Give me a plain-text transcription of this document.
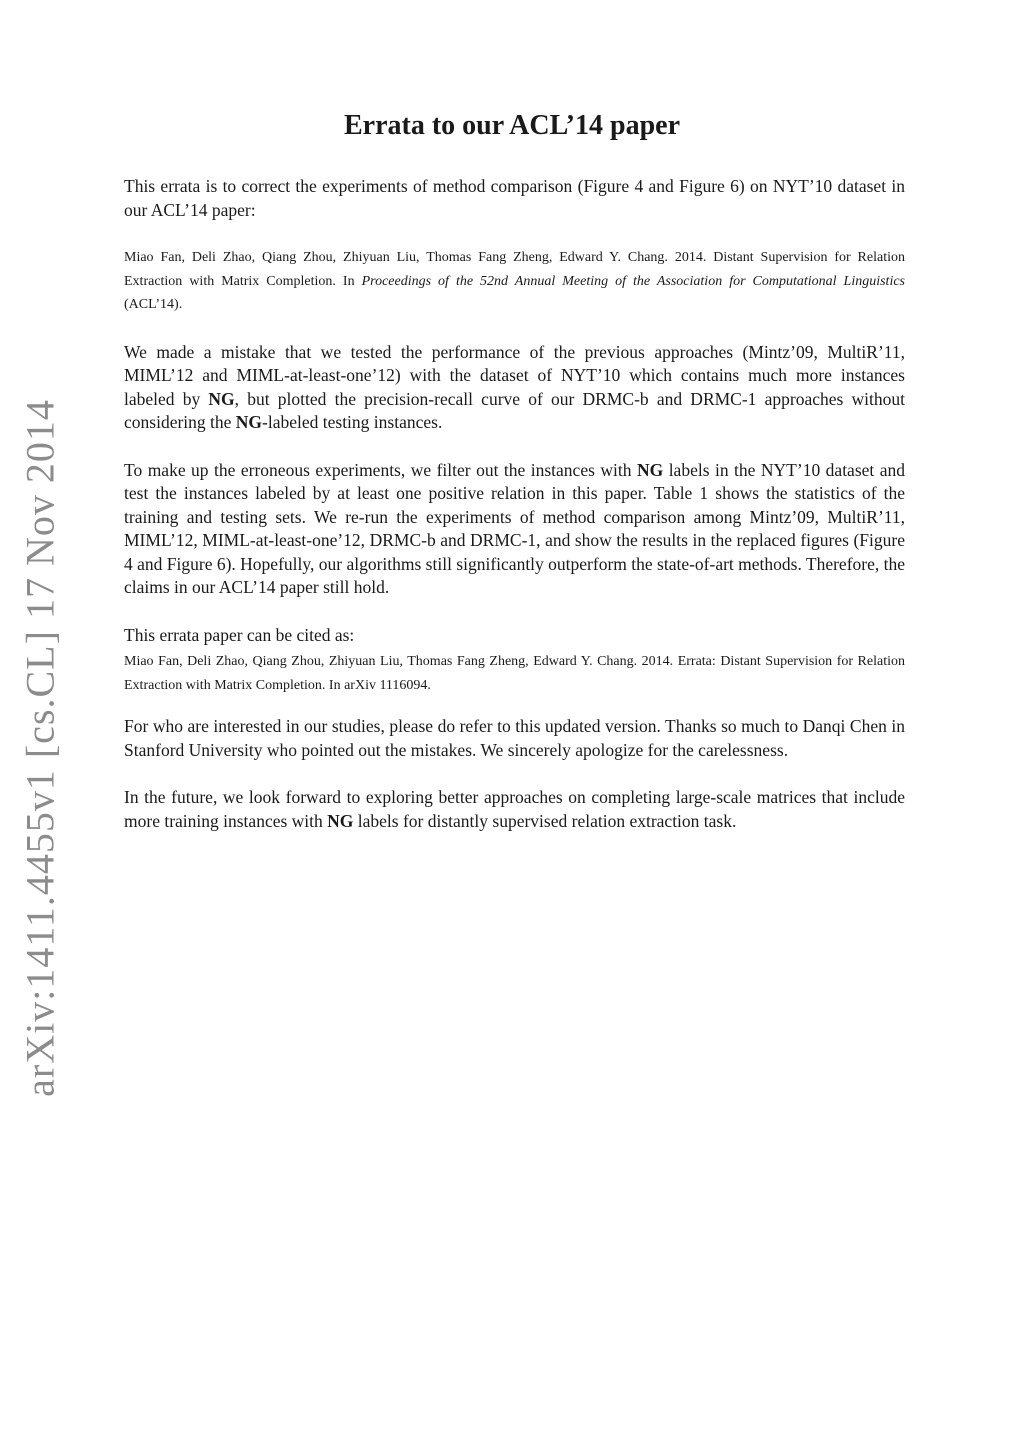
arXiv:1411.4455v1 [cs.CL] 17 Nov 2014
Errata to our ACL’14 paper

This errata is to correct the experiments of method comparison (Figure 4 and Figure 6) on NYT’10 dataset in our ACL’14 paper:

Miao Fan, Deli Zhao, Qiang Zhou, Zhiyuan Liu, Thomas Fang Zheng, Edward Y. Chang. 2014. Distant Supervision for Relation Extraction with Matrix Completion. In Proceedings of the 52nd Annual Meeting of the Association for Computational Linguistics (ACL’14).

We made a mistake that we tested the performance of the previous approaches (Mintz’09, MultiR’11, MIML’12 and MIML-at-least-one’12) with the dataset of NYT’10 which contains much more instances labeled by NG, but plotted the precision-recall curve of our DRMC-b and DRMC-1 approaches without considering the NG-labeled testing instances.

To make up the erroneous experiments, we filter out the instances with NG labels in the NYT’10 dataset and test the instances labeled by at least one positive relation in this paper. Table 1 shows the statistics of the training and testing sets. We re-run the experiments of method comparison among Mintz’09, MultiR’11, MIML’12, MIML-at-least-one’12, DRMC-b and DRMC-1, and show the results in the replaced figures (Figure 4 and Figure 6). Hopefully, our algorithms still significantly outperform the state-of-art methods. Therefore, the claims in our ACL’14 paper still hold.

This errata paper can be cited as:

Miao Fan, Deli Zhao, Qiang Zhou, Zhiyuan Liu, Thomas Fang Zheng, Edward Y. Chang. 2014. Errata: Distant Supervision for Relation Extraction with Matrix Completion. In arXiv 1116094.

For who are interested in our studies, please do refer to this updated version. Thanks so much to Danqi Chen in Stanford University who pointed out the mistakes. We sincerely apologize for the carelessness.

In the future, we look forward to exploring better approaches on completing large-scale matrices that include more training instances with NG labels for distantly supervised relation extraction task.
